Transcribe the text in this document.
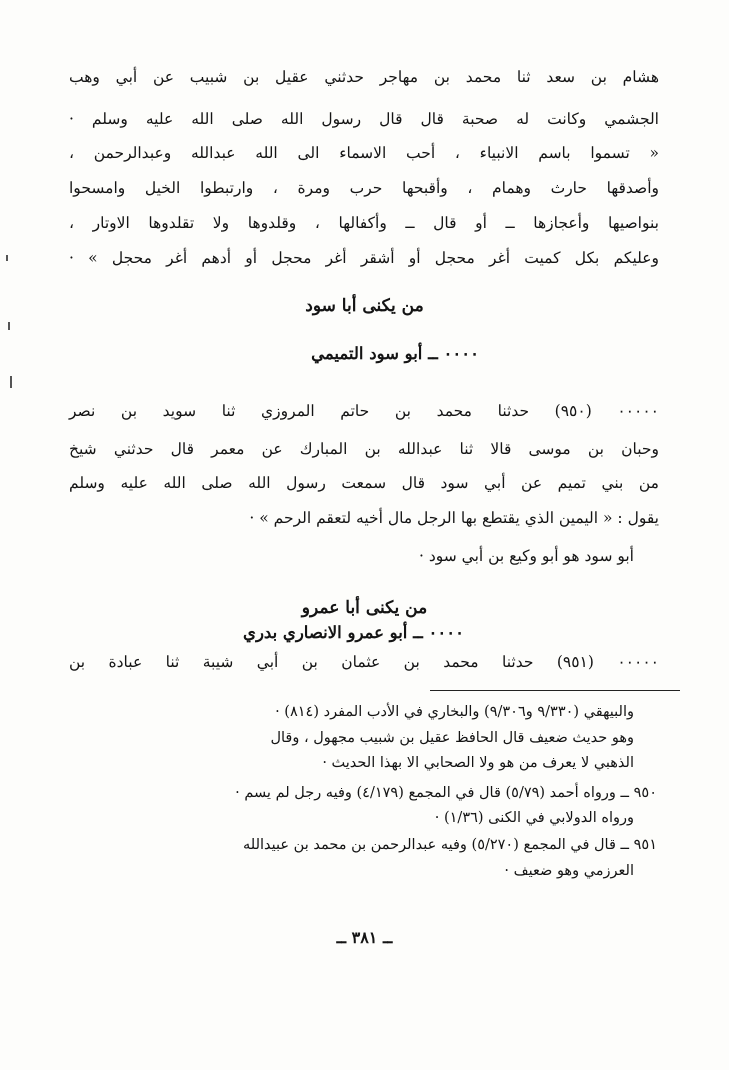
هشام بن سعد ثنا محمد بن مهاجر حدثني عقيل بن شبيب عن أبي وهب
الجشمي وكانت له صحبة قال قال رسول الله صلى الله عليه وسلم ·
« تسموا باسم الانبياء ، أحب الاسماء الى الله عبدالله وعبدالرحمن ،
وأصدقها حارث وهمام ، وأقبحها حرب ومرة ، وارتبطوا الخيل وامسحوا
بنواصيها وأعجازها ــ أو قال ــ وأكفالها ، وقلدوها ولا تقلدوها الاوتار ،
وعليكم بكل كميت أغر محجل أو أشقر أغر محجل أو أدهم أغر محجل » ·
من يكنى أبا سود
٠٠٠٠ ــ أبو سود التميمي
٠٠٠٠٠ (٩٥٠) حدثنا محمد بن حاتم المروزي ثنا سويد بن نصر
وحبان بن موسى قالا ثنا عبدالله بن المبارك عن معمر قال حدثني شيخ
من بني تميم عن أبي سود قال سمعت رسول الله صلى الله عليه وسلم
يقول : « اليمين الذي يقتطع بها الرجل مال أخيه لتعقم الرحم » ·
أبو سود هو أبو وكيع بن أبي سود ·
من يكنى أبا عمرو
٠٠٠٠ ــ أبو عمرو الانصاري بدري
٠٠٠٠٠ (٩٥١) حدثنا محمد بن عثمان بن أبي شيبة ثنا عبادة بن
والبيهقي (٩/٣٣٠ و٩/٣٠٦) والبخاري في الأدب المفرد (٨١٤) ·
وهو حديث ضعيف قال الحافظ عقيل بن شبيب مجهول ، وقال
الذهبي لا يعرف من هو ولا الصحابي الا بهذا الحديث ·
٩٥٠ ــ ورواه أحمد (٥/٧٩) قال في المجمع (٤/١٧٩) وفيه رجل لم يسم ·
ورواه الدولابي في الكنى (١/٣٦) ·
٩٥١ ــ قال في المجمع (٥/٢٧٠) وفيه عبدالرحمن بن محمد بن عبيدالله
العرزمي وهو ضعيف ·
ــ ٣٨١ ــ
